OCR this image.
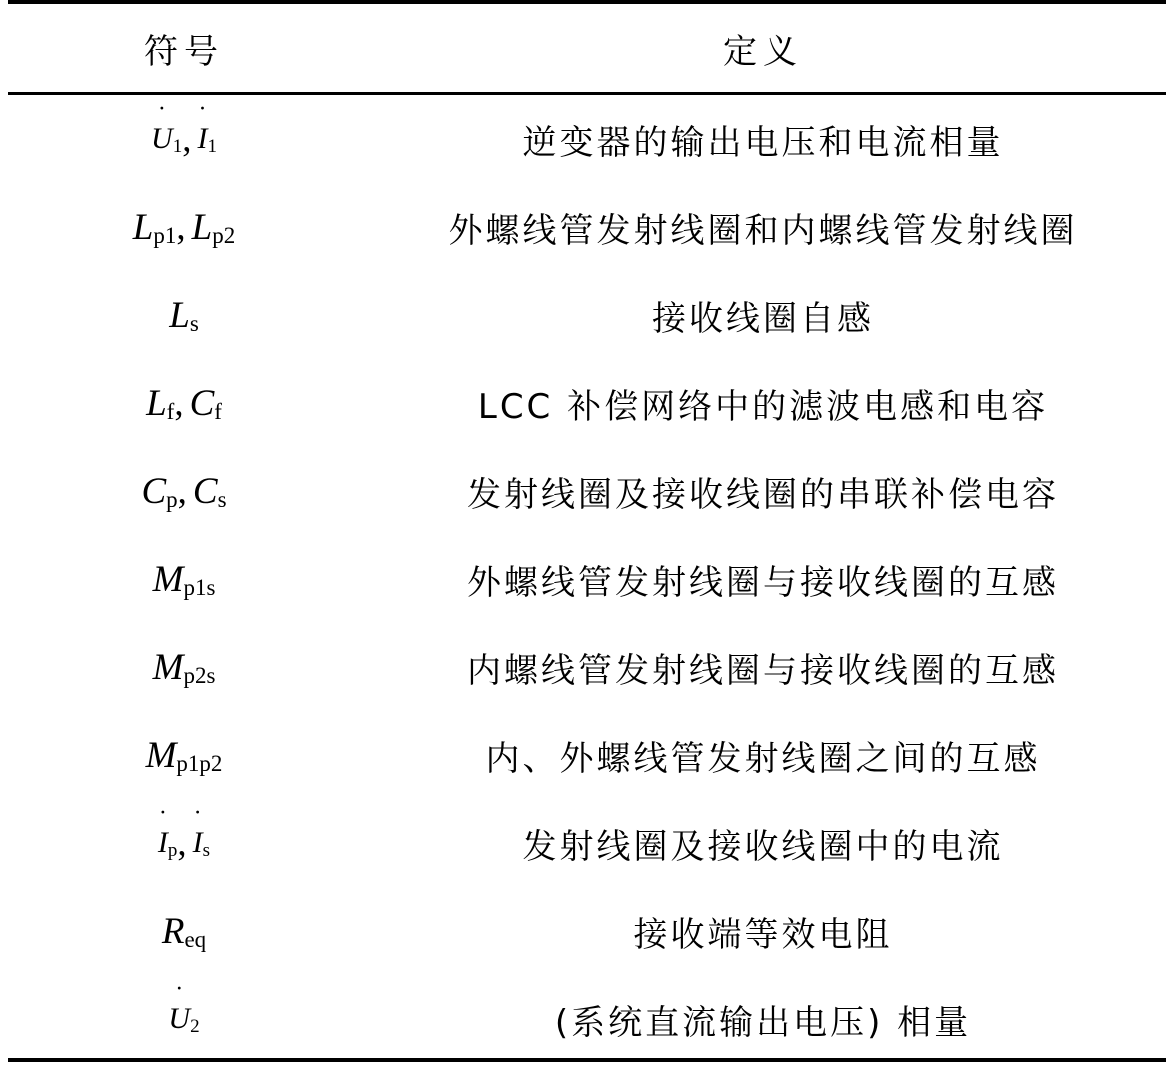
符号	定义
· U 1 , · I 1	逆变器的输出电压和电流相量
L p1 , L p2	外螺线管发射线圈和内螺线管发射线圈
L s	接收线圈自感
L f , C f	LCC 补偿网络中的滤波电感和电容
C p , C s	发射线圈及接收线圈的串联补偿电容
M p1s	外螺线管发射线圈与接收线圈的互感
M p2s	内螺线管发射线圈与接收线圈的互感
M p1p2	内、外螺线管发射线圈之间的互感
· I p , · I s	发射线圈及接收线圈中的电流
R eq	接收端等效电阻
· U 2	(系统直流输出电压) 相量
